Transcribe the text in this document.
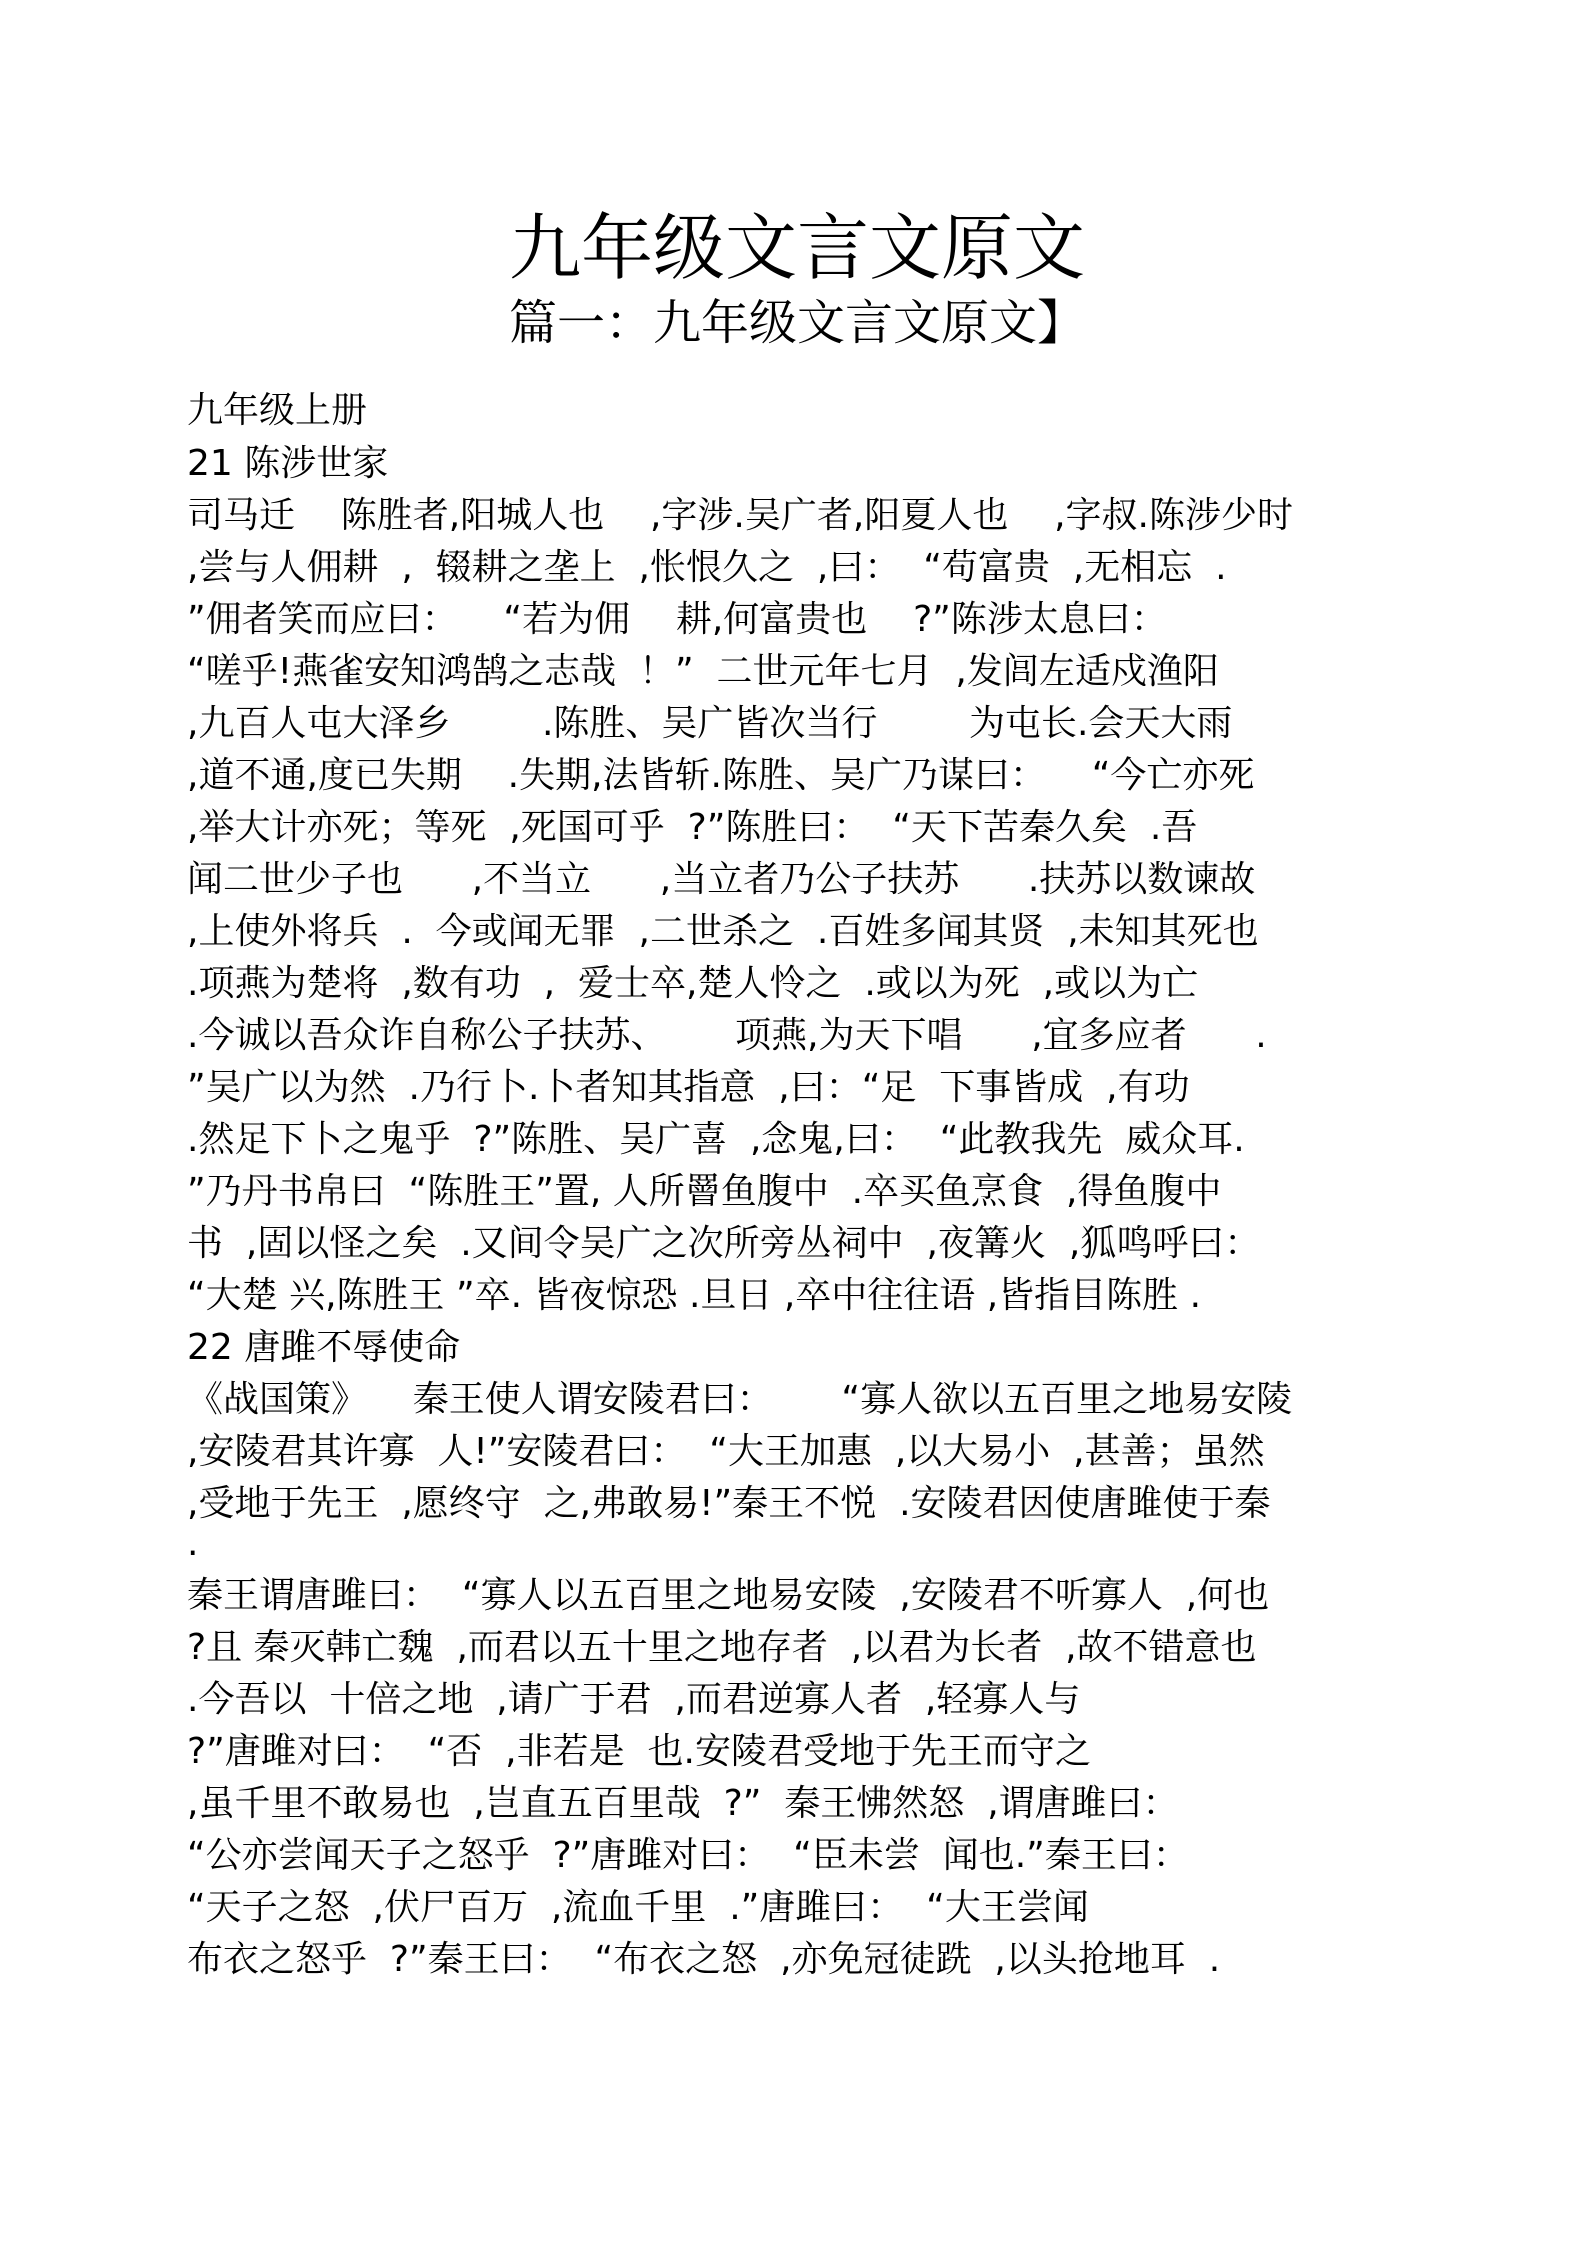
九年级文言文原文
篇一：九年级文言文原文】
九年级上册
21 陈涉世家
司马迁    陈胜者,阳城人也    ,字涉.吴广者,阳夏人也    ,字叔.陈涉少时
,尝与人佣耕  ,  辍耕之垄上  ,怅恨久之  ,曰：  “苟富贵  ,无相忘  .
”佣者笑而应曰：    “若为佣    耕,何富贵也    ?”陈涉太息曰：
“嗟乎!燕雀安知鸿鹄之志哉  ！”  二世元年七月  ,发闾左适戍渔阳
,九百人屯大泽乡        .陈胜、吴广皆次当行        为屯长.会天大雨
,道不通,度已失期    .失期,法皆斩.陈胜、吴广乃谋曰：    “今亡亦死
,举大计亦死；等死  ,死国可乎  ?”陈胜曰：  “天下苦秦久矣  .吾
闻二世少子也      ,不当立      ,当立者乃公子扶苏      .扶苏以数谏故
,上使外将兵  .  今或闻无罪  ,二世杀之  .百姓多闻其贤  ,未知其死也
.项燕为楚将  ,数有功  ,  爱士卒,楚人怜之  .或以为死  ,或以为亡
.今诚以吾众诈自称公子扶苏、      项燕,为天下唱      ,宜多应者      .
”吴广以为然  .乃行卜.卜者知其指意  ,曰：“足  下事皆成  ,有功
.然足下卜之鬼乎  ?”陈胜、吴广喜  ,念鬼,曰：  “此教我先  威众耳.
”乃丹书帛曰  “陈胜王”置, 人所罾鱼腹中  .卒买鱼烹食  ,得鱼腹中
书  ,固以怪之矣  .又间令吴广之次所旁丛祠中  ,夜篝火  ,狐鸣呼曰：
“大楚 兴,陈胜王 ”卒. 皆夜惊恐 .旦日 ,卒中往往语 ,皆指目陈胜 .
22 唐雎不辱使命
《战国策》    秦王使人谓安陵君曰：      “寡人欲以五百里之地易安陵
,安陵君其许寡  人!”安陵君曰：  “大王加惠  ,以大易小  ,甚善；虽然
,受地于先王  ,愿终守  之,弗敢易!”秦王不悦  .安陵君因使唐雎使于秦
.
秦王谓唐雎曰：  “寡人以五百里之地易安陵  ,安陵君不听寡人  ,何也
?且 秦灭韩亡魏  ,而君以五十里之地存者  ,以君为长者  ,故不错意也
.今吾以  十倍之地  ,请广于君  ,而君逆寡人者  ,轻寡人与
?”唐雎对曰：  “否  ,非若是  也.安陵君受地于先王而守之
,虽千里不敢易也  ,岂直五百里哉  ?”  秦王怫然怒  ,谓唐雎曰：
“公亦尝闻天子之怒乎  ?”唐雎对曰：  “臣未尝  闻也.”秦王曰：
“天子之怒  ,伏尸百万  ,流血千里  .”唐雎曰：  “大王尝闻
布衣之怒乎  ?”秦王曰：  “布衣之怒  ,亦免冠徒跣  ,以头抢地耳  .
